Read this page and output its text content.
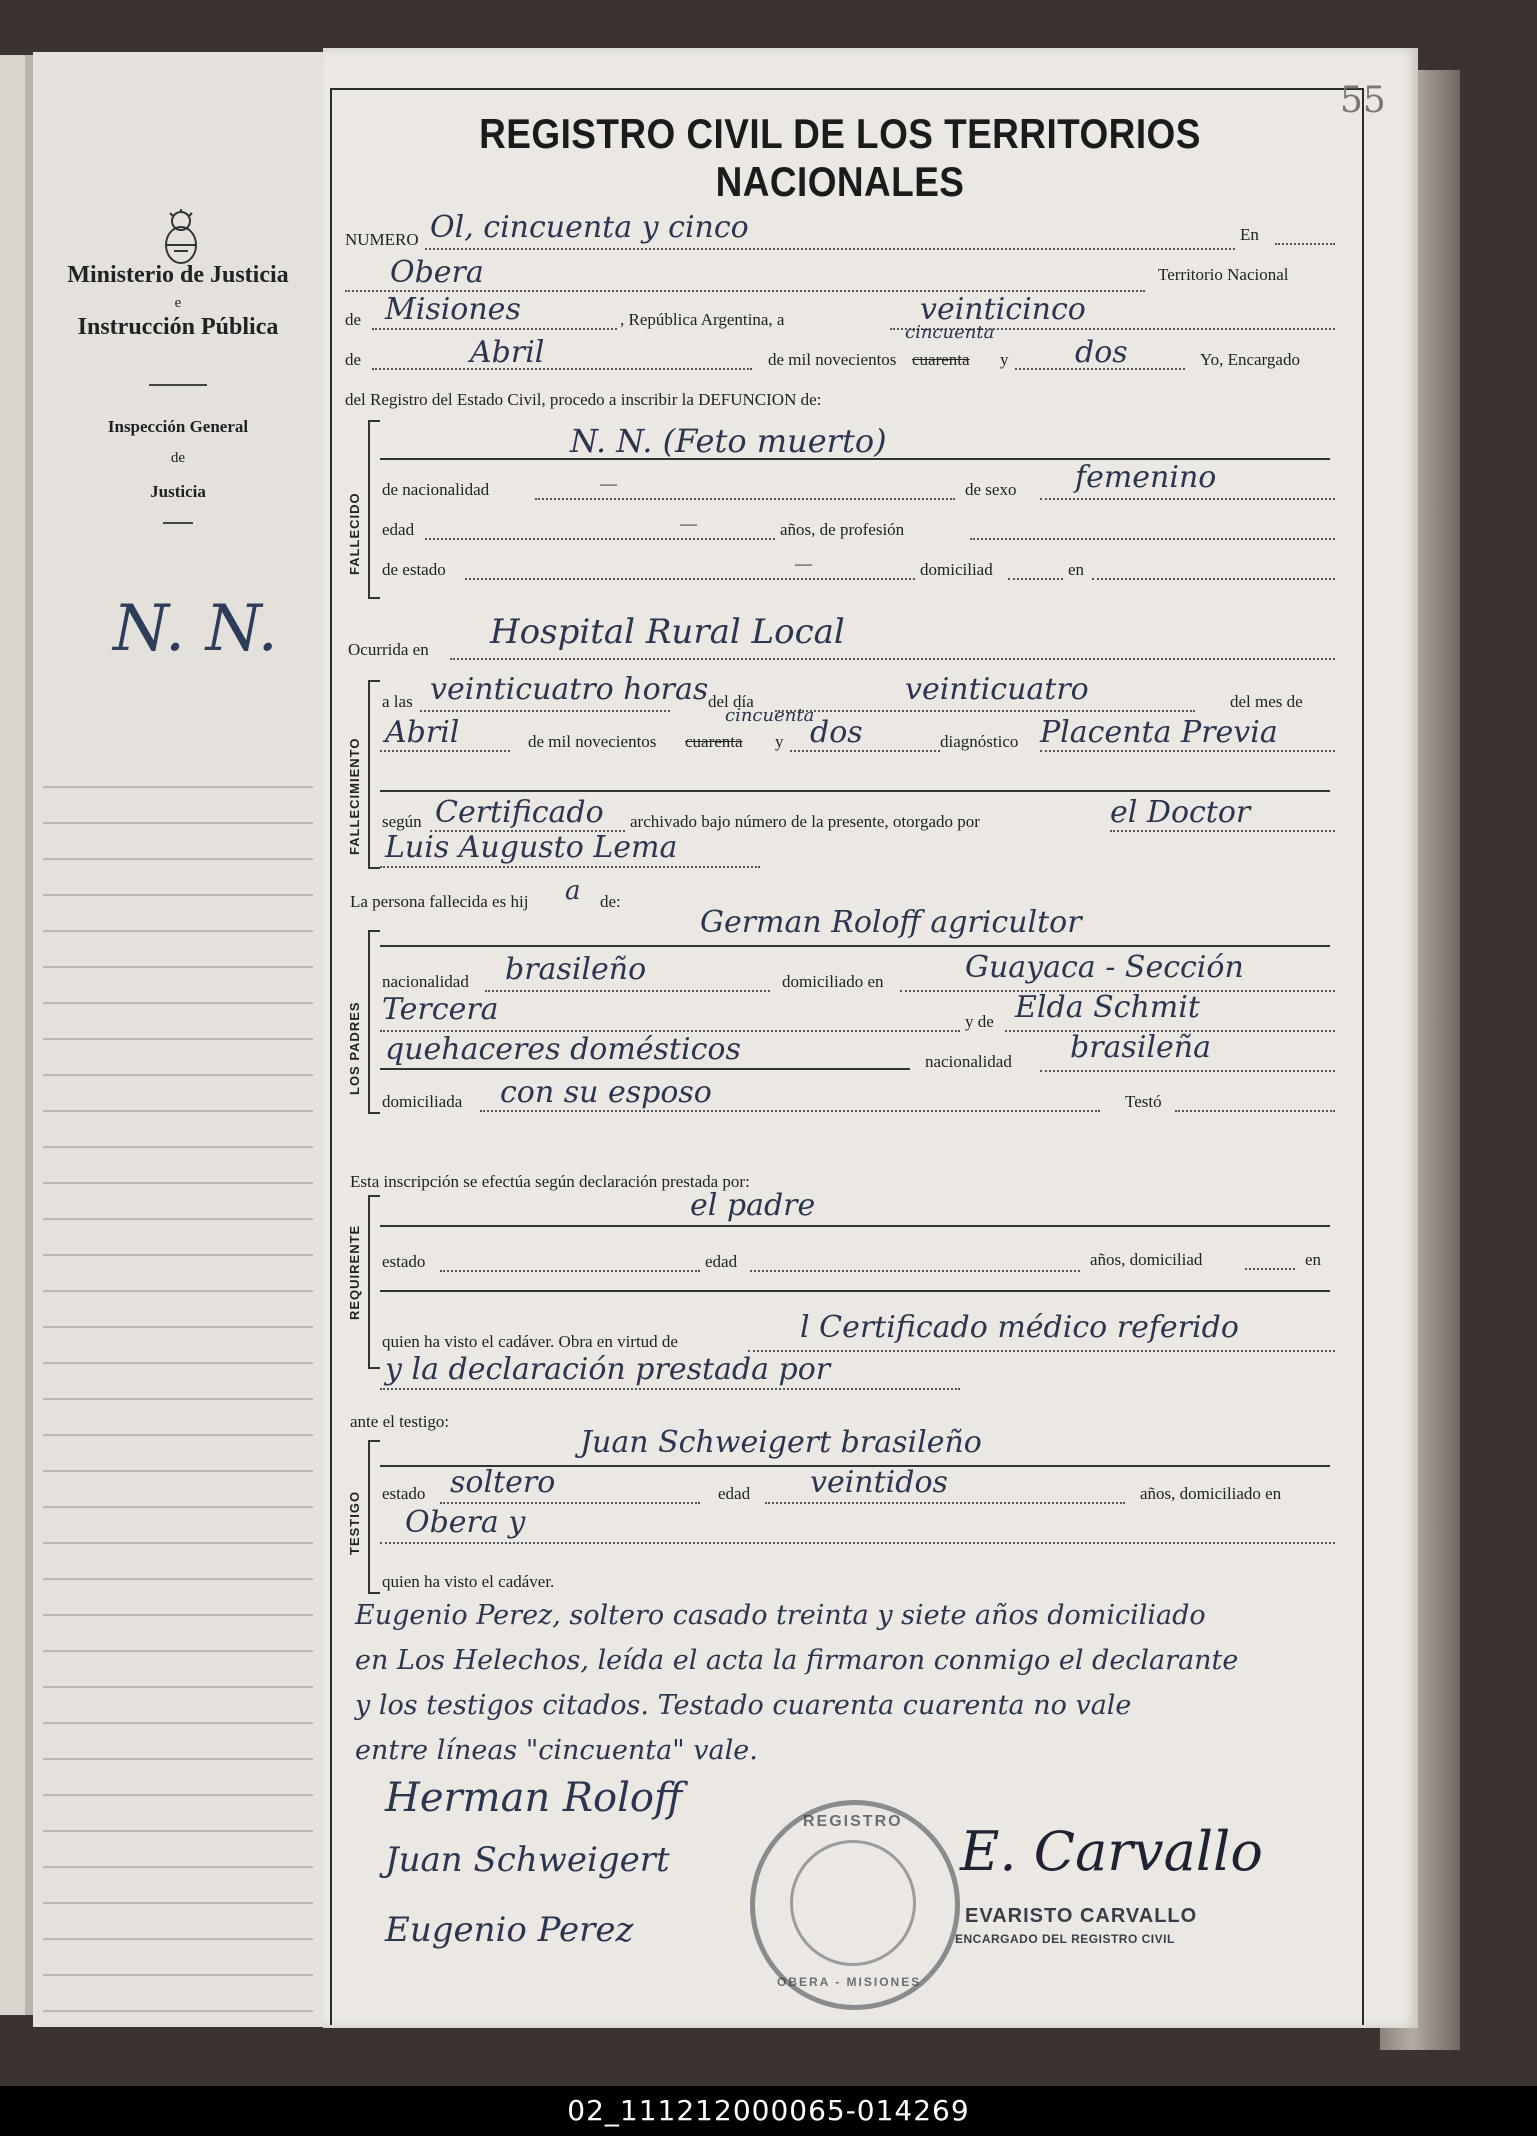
Ministerio de Justicia
e
Instrucción Pública
Inspección General
de
Justicia
N. N.
55
REGISTRO CIVIL DE LOS TERRITORIOS NACIONALES
NUMERO Ol, cincuenta y cinco	En
Obera	Territorio Nacional
de Misiones	, República Argentina, a	veinticinco
de	Abril	de mil novecientos cuarenta
cincuenta
y dos	Yo, Encargado
del Registro del Estado Civil, procedo a inscribir la DEFUNCION de:
FALLECIDO
N. N. (Feto muerto)
de nacionalidad	—	de sexo femenino
edad	—	años, de profesión
de estado	—	domiciliad	en
Ocurrida en Hospital Rural Local
FALLECIMIENTO
a las veinticuatro horas del día	veinticuatro	del mes de
Abril	de mil novecientos cuarenta
cincuenta
y dos	diagnóstico Placenta Previa
según Certificado archivado bajo número de la presente, otorgado por	el Doctor
Luis Augusto Lema
La persona fallecida es hij a de:
LOS PADRES
German Roloff agricultor
nacionalidad brasileño	domiciliado en	Guayaca - Sección
Tercera	y de Elda Schmit
quehaceres domésticos	nacionalidad brasileña
domiciliada con su esposo	Testó
Esta inscripción se efectúa según declaración prestada por:
REQUIRENTE
el padre
estado	edad	años, domiciliad	en
quien ha visto el cadáver. Obra en virtud de	l Certificado médico referido
y la declaración prestada por
ante el testigo:
TESTIGO
Juan Schweigert brasileño
estado soltero	edad veintidos	años, domiciliado en
Obera y
quien ha visto el cadáver.
Eugenio Perez, soltero casado treinta y siete años domiciliado
en Los Helechos, leída el acta la firmaron conmigo el declarante
y los testigos citados. Testado cuarenta cuarenta no vale
entre líneas "cincuenta" vale.
Herman Roloff
Juan Schweigert
Eugenio Perez
REGISTRO
OBERA - MISIONES
E. Carvallo
EVARISTO CARVALLO
ENCARGADO DEL REGISTRO CIVIL
02_111212000065-014269
